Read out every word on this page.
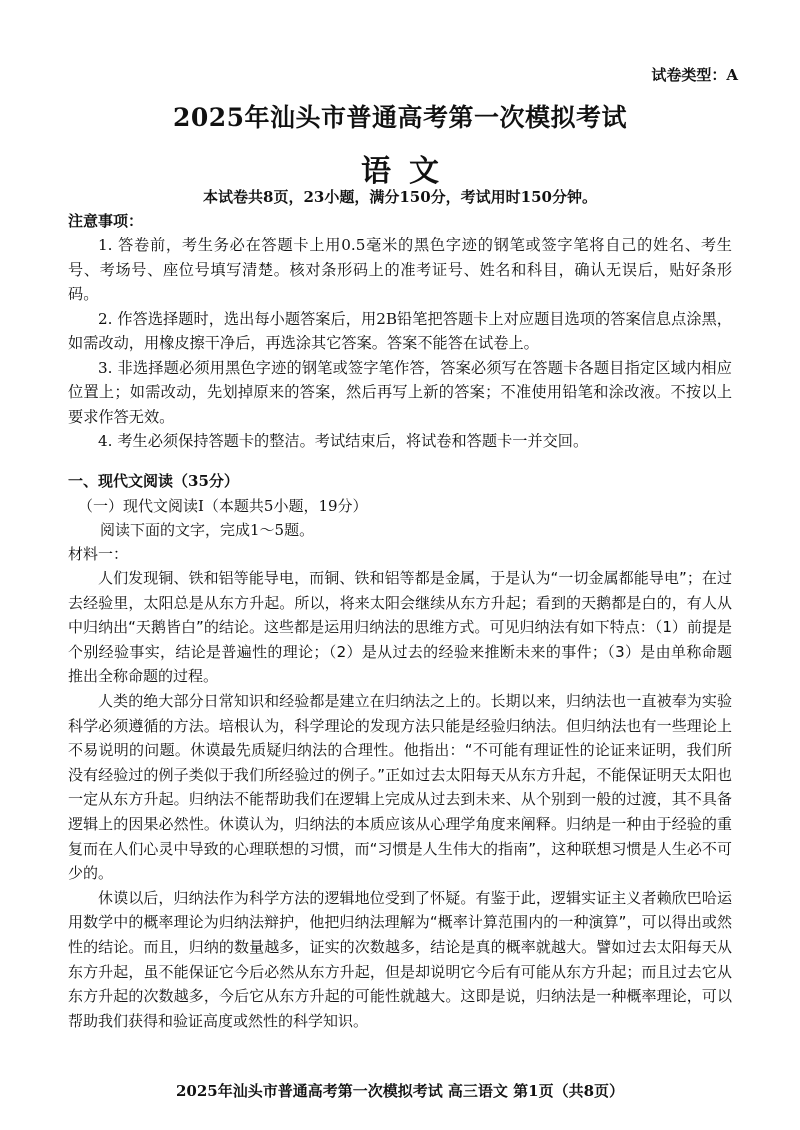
试卷类型：A
2025年汕头市普通高考第一次模拟考试
语文
本试卷共8页，23小题，满分150分，考试用时150分钟。
注意事项：

1. 答卷前，考生务必在答题卡上用0.5毫米的黑色字迹的钢笔或签字笔将自己的姓名、考生号、考场号、座位号填写清楚。核对条形码上的准考证号、姓名和科目，确认无误后，贴好条形码。

2. 作答选择题时，选出每小题答案后，用2B铅笔把答题卡上对应题目选项的答案信息点涂黑，如需改动，用橡皮擦干净后，再选涂其它答案。答案不能答在试卷上。

3. 非选择题必须用黑色字迹的钢笔或签字笔作答，答案必须写在答题卡各题目指定区域内相应位置上；如需改动，先划掉原来的答案，然后再写上新的答案；不准使用铅笔和涂改液。不按以上要求作答无效。

4. 考生必须保持答题卡的整洁。考试结束后，将试卷和答题卡一并交回。

一、现代文阅读（35分）
（一）现代文阅读Ⅰ（本题共5小题，19分）
阅读下面的文字，完成1～5题。
材料一：

人们发现铜、铁和铝等能导电，而铜、铁和铝等都是金属，于是认为“一切金属都能导电”；在过去经验里，太阳总是从东方升起。所以，将来太阳会继续从东方升起；看到的天鹅都是白的，有人从中归纳出“天鹅皆白”的结论。这些都是运用归纳法的思维方式。可见归纳法有如下特点：（1）前提是个别经验事实，结论是普遍性的理论；（2）是从过去的经验来推断未来的事件；（3）是由单称命题推出全称命题的过程。

人类的绝大部分日常知识和经验都是建立在归纳法之上的。长期以来，归纳法也一直被奉为实验科学必须遵循的方法。培根认为，科学理论的发现方法只能是经验归纳法。但归纳法也有一些理论上不易说明的问题。休谟最先质疑归纳法的合理性。他指出：“不可能有理证性的论证来证明，我们所没有经验过的例子类似于我们所经验过的例子。”正如过去太阳每天从东方升起，不能保证明天太阳也一定从东方升起。归纳法不能帮助我们在逻辑上完成从过去到未来、从个别到一般的过渡，其不具备逻辑上的因果必然性。休谟认为，归纳法的本质应该从心理学角度来阐释。归纳是一种由于经验的重复而在人们心灵中导致的心理联想的习惯，而“习惯是人生伟大的指南”，这种联想习惯是人生必不可少的。

休谟以后，归纳法作为科学方法的逻辑地位受到了怀疑。有鉴于此，逻辑实证主义者赖欣巴哈运用数学中的概率理论为归纳法辩护，他把归纳法理解为“概率计算范围内的一种演算”，可以得出或然性的结论。而且，归纳的数量越多，证实的次数越多，结论是真的概率就越大。譬如过去太阳每天从东方升起，虽不能保证它今后必然从东方升起，但是却说明它今后有可能从东方升起；而且过去它从东方升起的次数越多，今后它从东方升起的可能性就越大。这即是说，归纳法是一种概率理论，可以帮助我们获得和验证高度或然性的科学知识。

2025年汕头市普通高考第一次模拟考试 高三语文 第1页（共8页）
